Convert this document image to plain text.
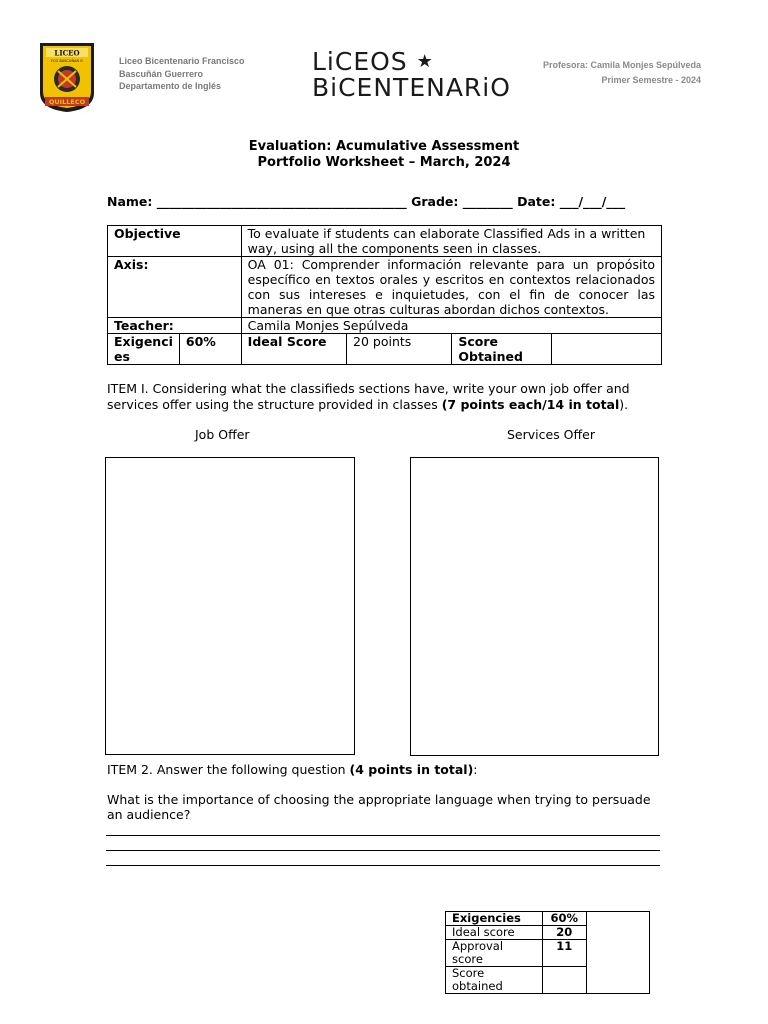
LICEO
FCO BASCUÑAN G
QUILLECO
Liceo Bicentenario Francisco
Bascuñán Guerrero
Departamento de Inglés
LiCEOS ★
BiCENTENARiO
Profesora: Camila Monjes Sepúlveda
Primer Semestre - 2024
Evaluation: Acumulative Assessment
Portfolio Worksheet – March, 2024
Name: ________________________________________ Grade: ________ Date: ___/___/___
Objective		To evaluate if students can elaborate Classified Ads in a written way, using all the components seen in classes.			
Axis:		OA 01: Comprender información relevante para un propósito específico en textos orales y escritos en contextos relacionados con sus intereses e inquietudes, con el fin de conocer las maneras en que otras culturas abordan dichos contextos.			
Teacher:		Camila Monjes Sepúlveda			
Exigenci es	60%	Ideal Score	20 points	Score Obtained	
ITEM I. Considering what the classifieds sections have, write your own job offer and services offer using the structure provided in classes (7 points each/14 in total).
Job Offer	Services Offer
ITEM 2. Answer the following question (4 points in total):
What is the importance of choosing the appropriate language when trying to persuade an audience?
Exigencies	60%	
Ideal score	20	
Approval score	11	
Score obtained		
